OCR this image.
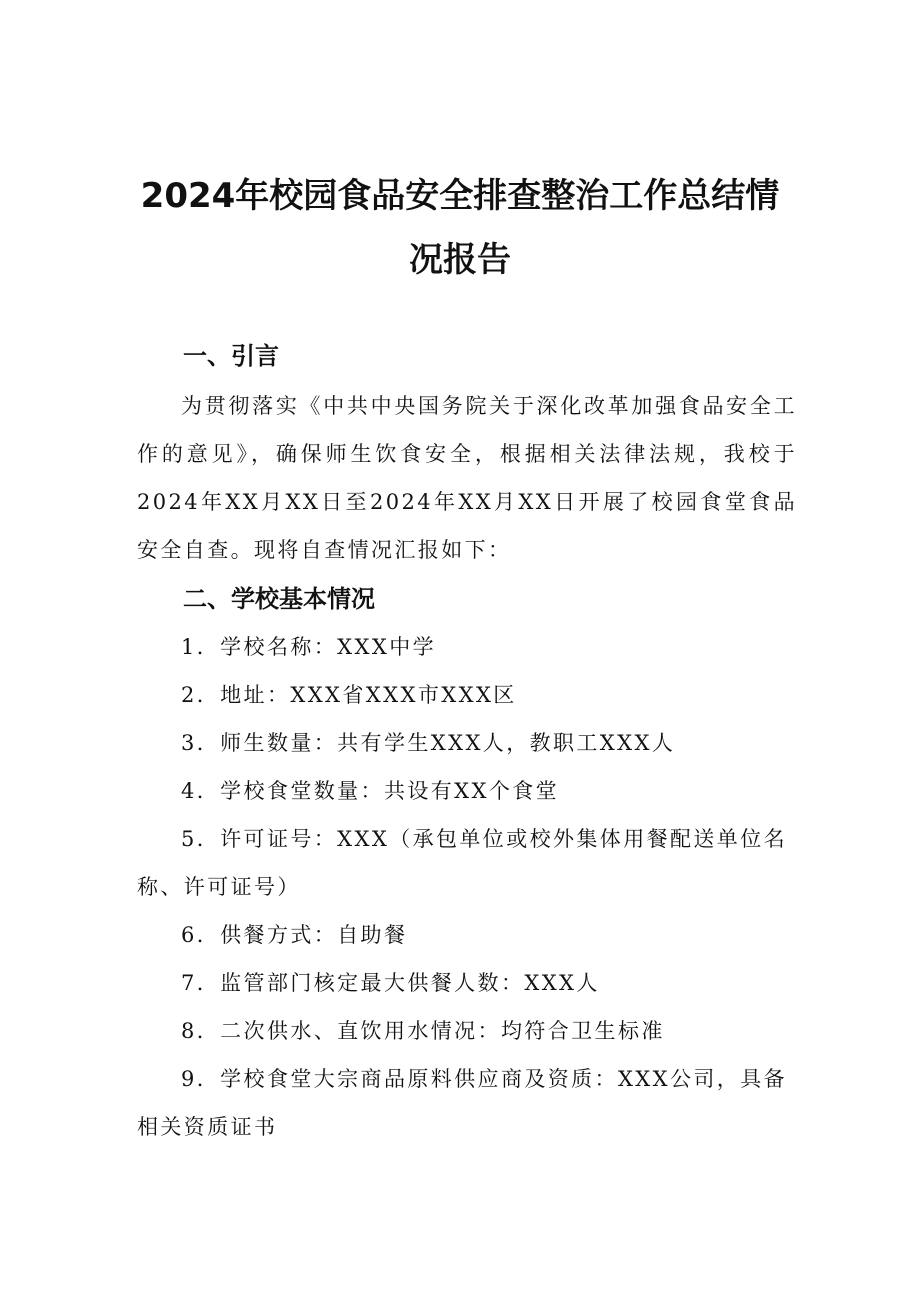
2024年校园食品安全排查整治工作总结情
况报告
一、引言

为贯彻落实《中共中央国务院关于深化改革加强食品安全工作的意见》，确保师生饮食安全，根据相关法律法规，我校于2024年XX月XX日至2024年XX月XX日开展了校园食堂食品安全自查。现将自查情况汇报如下：

二、学校基本情况

1．学校名称：XXX中学

2．地址：XXX省XXX市XXX区

3．师生数量：共有学生XXX人，教职工XXX人

4．学校食堂数量：共设有XX个食堂

5．许可证号：XXX（承包单位或校外集体用餐配送单位名称、许可证号）

6．供餐方式：自助餐

7．监管部门核定最大供餐人数：XXX人

8．二次供水、直饮用水情况：均符合卫生标准

9．学校食堂大宗商品原料供应商及资质：XXX公司，具备相关资质证书
